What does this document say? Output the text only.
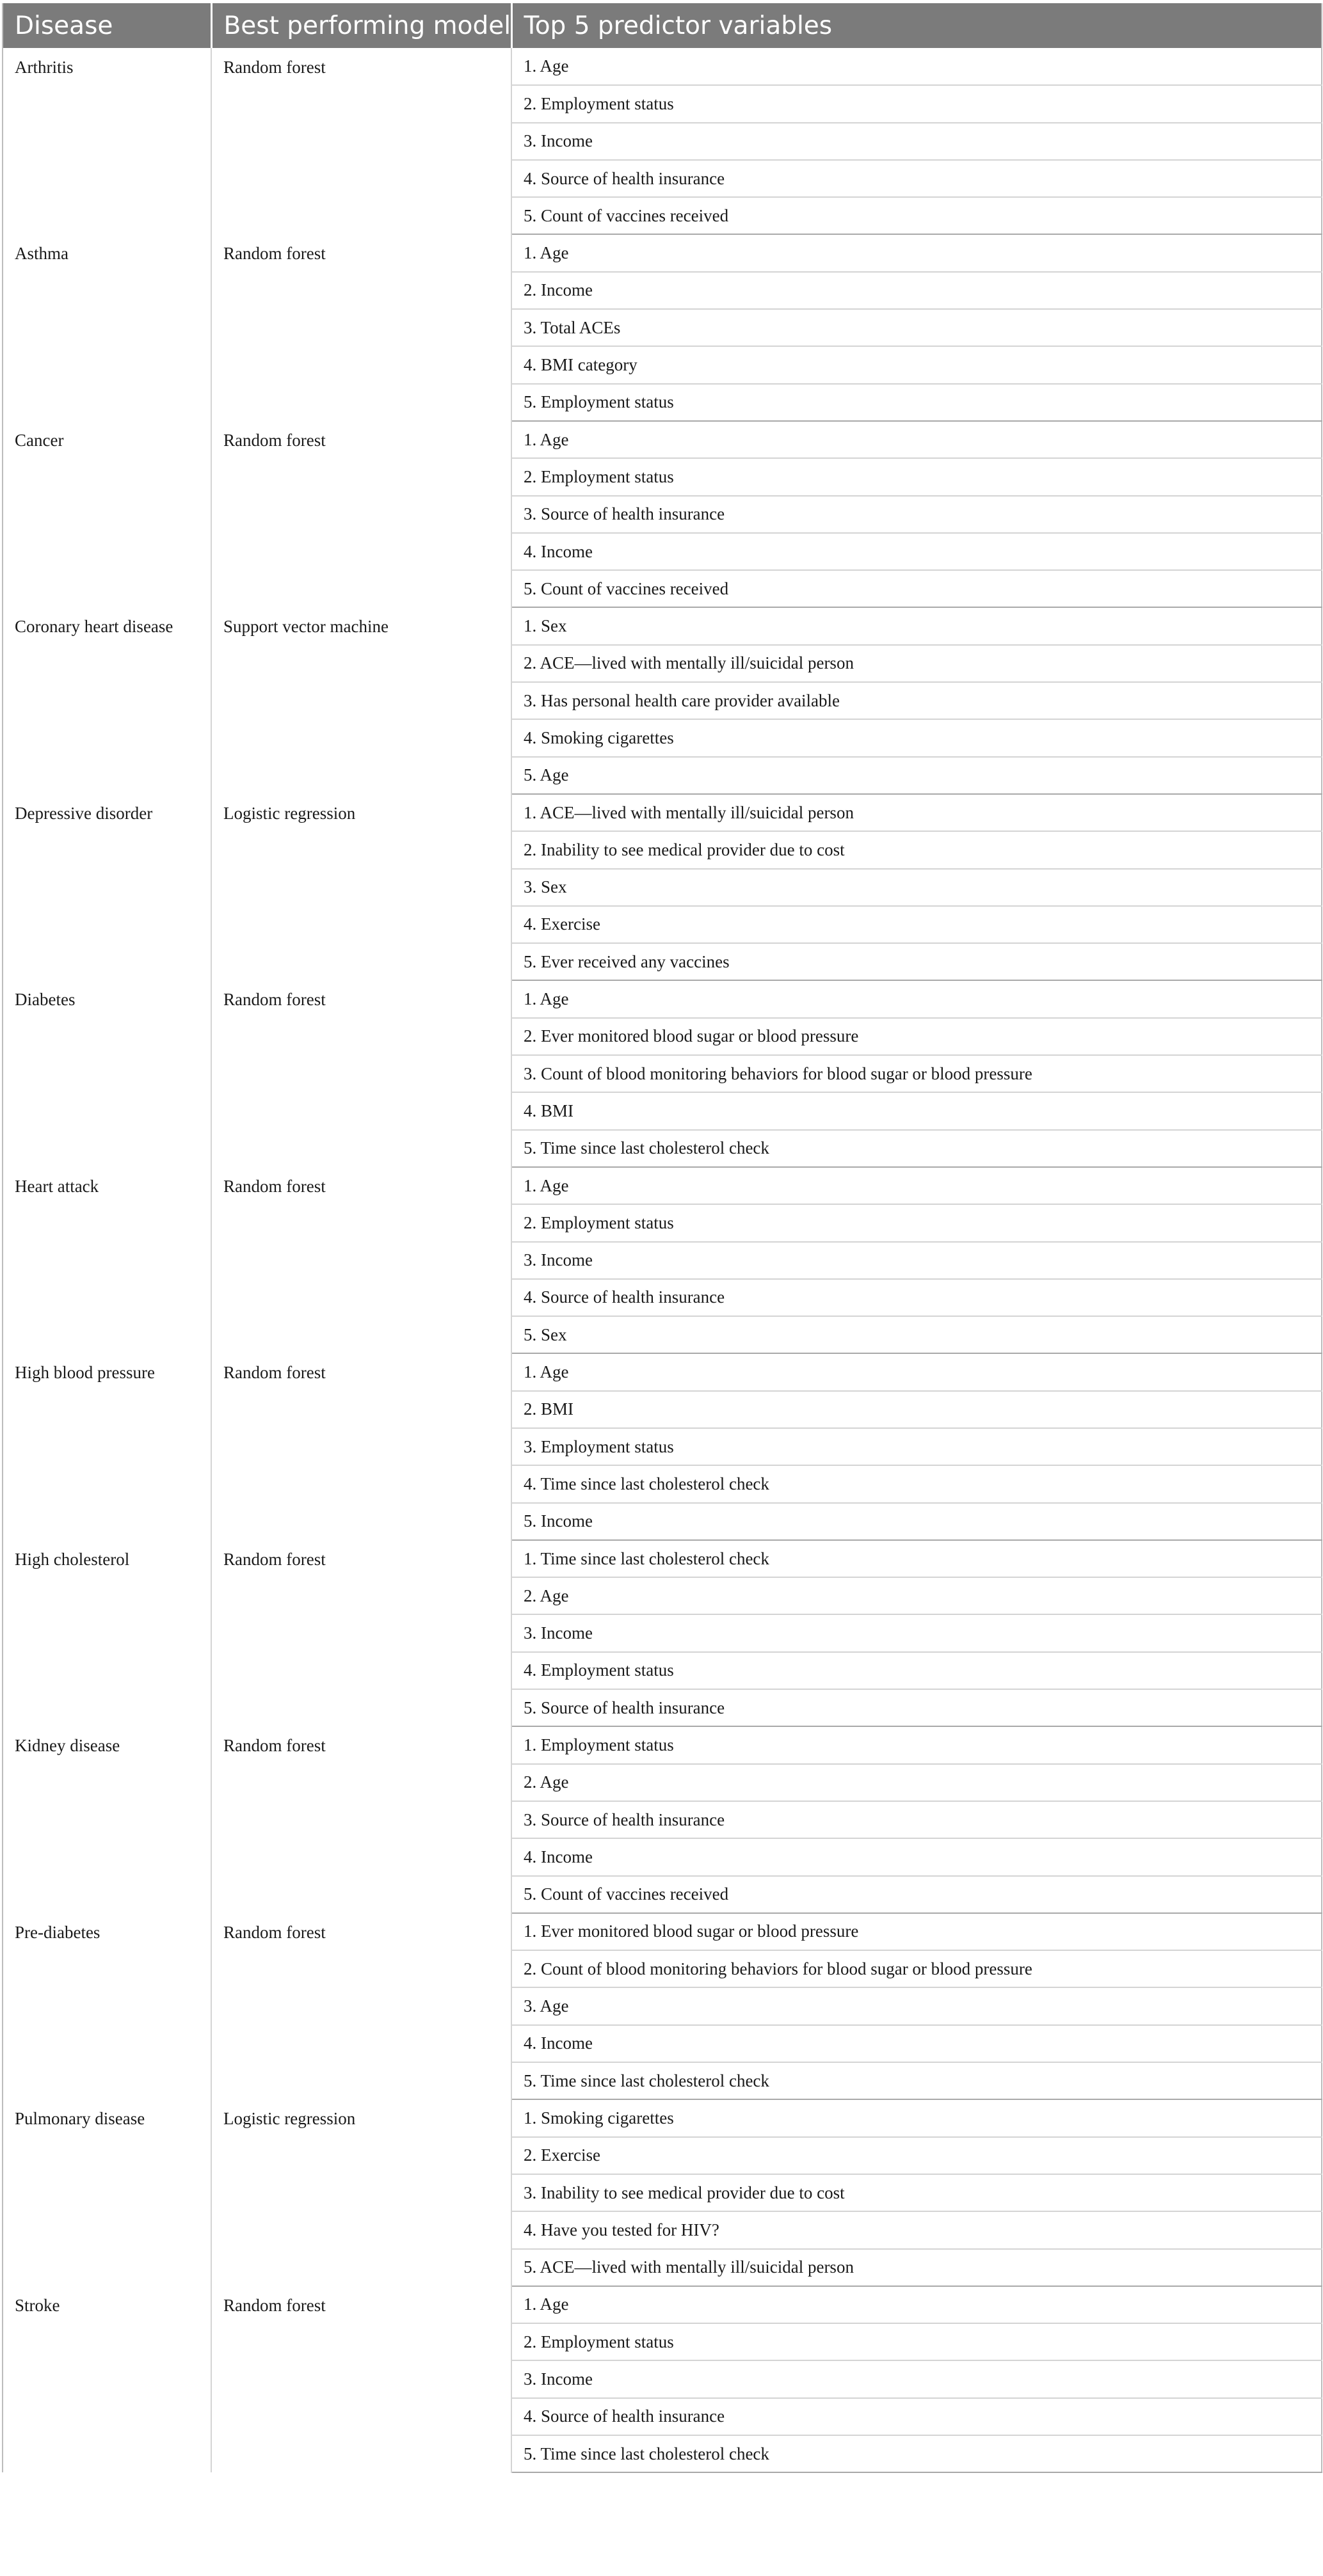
Disease	Best performing model	Top 5 predictor variables
Arthritis	Random forest	1. Age
		2. Employment status
		3. Income
		4. Source of health insurance
		5. Count of vaccines received
Asthma	Random forest	1. Age
		2. Income
		3. Total ACEs
		4. BMI category
		5. Employment status
Cancer	Random forest	1. Age
		2. Employment status
		3. Source of health insurance
		4. Income
		5. Count of vaccines received
Coronary heart disease	Support vector machine	1. Sex
		2. ACE—lived with mentally ill/suicidal person
		3. Has personal health care provider available
		4. Smoking cigarettes
		5. Age
Depressive disorder	Logistic regression	1. ACE—lived with mentally ill/suicidal person
		2. Inability to see medical provider due to cost
		3. Sex
		4. Exercise
		5. Ever received any vaccines
Diabetes	Random forest	1. Age
		2. Ever monitored blood sugar or blood pressure
		3. Count of blood monitoring behaviors for blood sugar or blood pressure
		4. BMI
		5. Time since last cholesterol check
Heart attack	Random forest	1. Age
		2. Employment status
		3. Income
		4. Source of health insurance
		5. Sex
High blood pressure	Random forest	1. Age
		2. BMI
		3. Employment status
		4. Time since last cholesterol check
		5. Income
High cholesterol	Random forest	1. Time since last cholesterol check
		2. Age
		3. Income
		4. Employment status
		5. Source of health insurance
Kidney disease	Random forest	1. Employment status
		2. Age
		3. Source of health insurance
		4. Income
		5. Count of vaccines received
Pre-diabetes	Random forest	1. Ever monitored blood sugar or blood pressure
		2. Count of blood monitoring behaviors for blood sugar or blood pressure
		3. Age
		4. Income
		5. Time since last cholesterol check
Pulmonary disease	Logistic regression	1. Smoking cigarettes
		2. Exercise
		3. Inability to see medical provider due to cost
		4. Have you tested for HIV?
		5. ACE—lived with mentally ill/suicidal person
Stroke	Random forest	1. Age
		2. Employment status
		3. Income
		4. Source of health insurance
		5. Time since last cholesterol check
